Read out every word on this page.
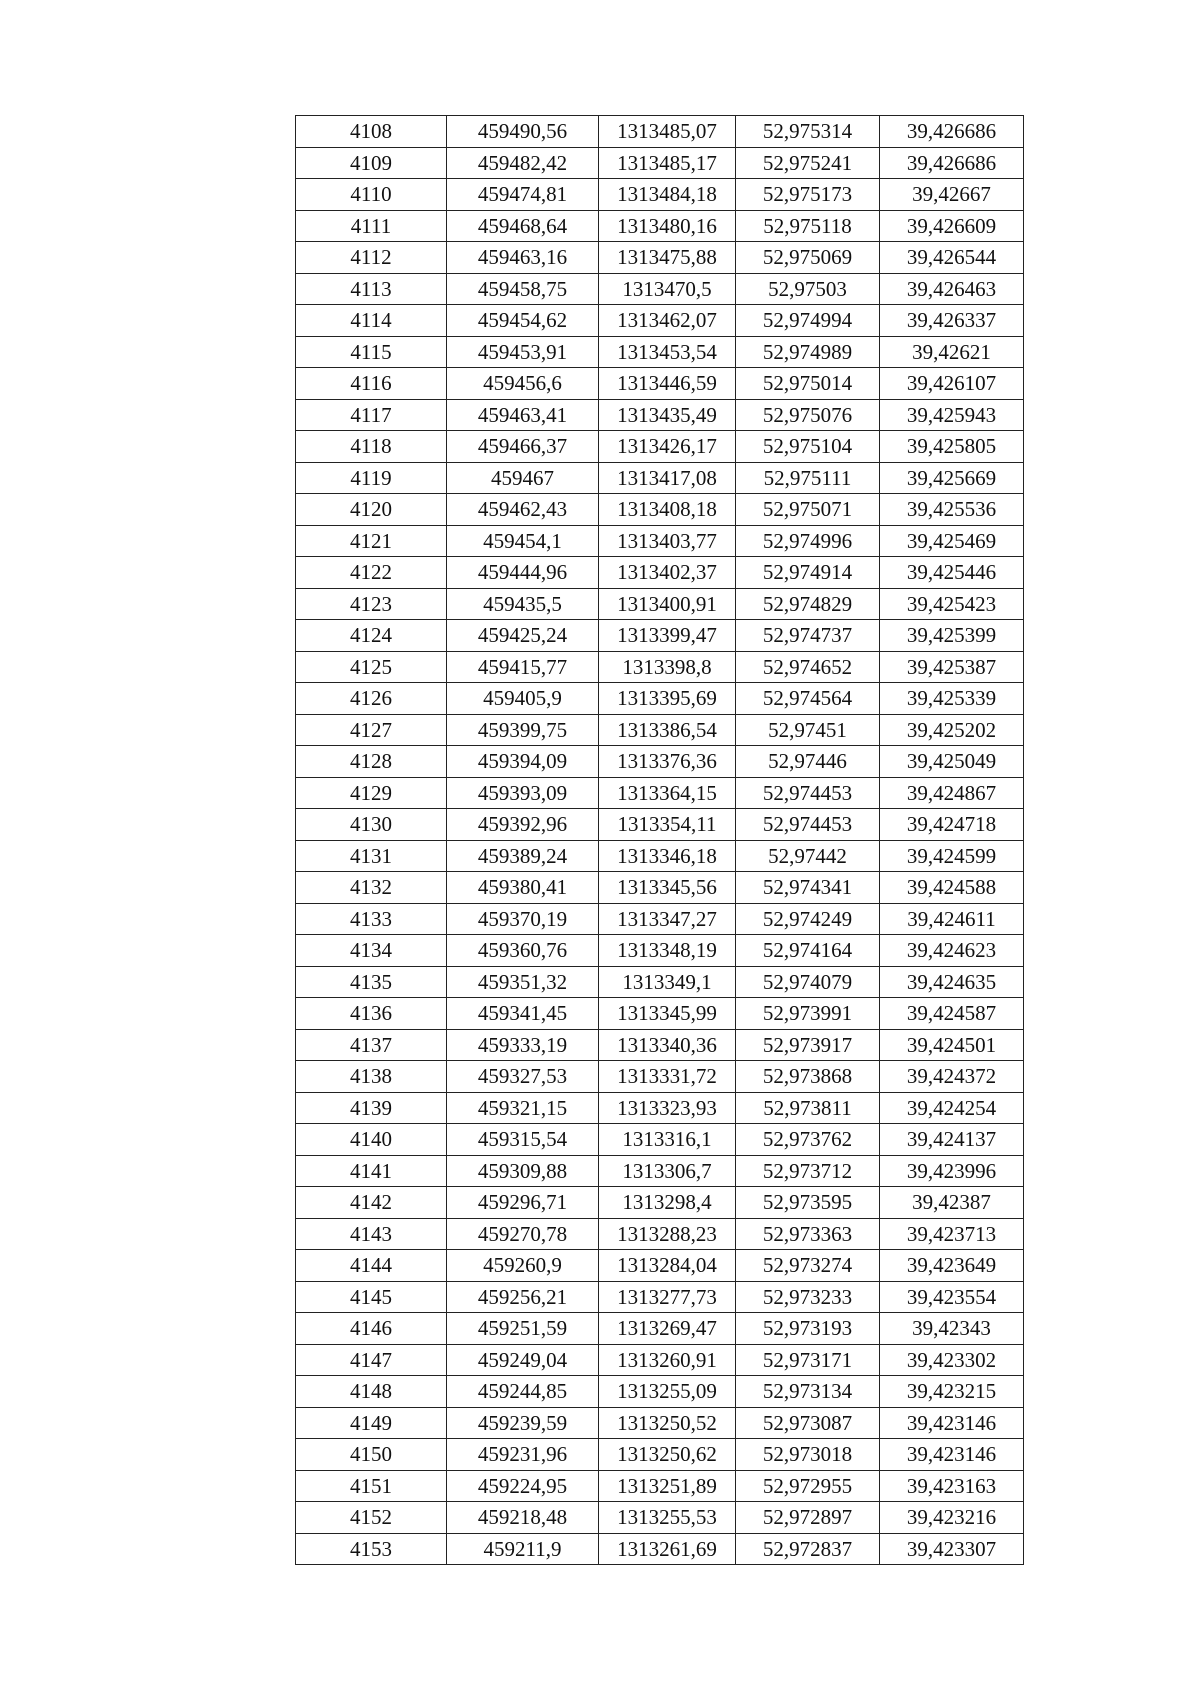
4108	459490,56	1313485,07	52,975314	39,426686
4109	459482,42	1313485,17	52,975241	39,426686
4110	459474,81	1313484,18	52,975173	39,42667
4111	459468,64	1313480,16	52,975118	39,426609
4112	459463,16	1313475,88	52,975069	39,426544
4113	459458,75	1313470,5	52,97503	39,426463
4114	459454,62	1313462,07	52,974994	39,426337
4115	459453,91	1313453,54	52,974989	39,42621
4116	459456,6	1313446,59	52,975014	39,426107
4117	459463,41	1313435,49	52,975076	39,425943
4118	459466,37	1313426,17	52,975104	39,425805
4119	459467	1313417,08	52,975111	39,425669
4120	459462,43	1313408,18	52,975071	39,425536
4121	459454,1	1313403,77	52,974996	39,425469
4122	459444,96	1313402,37	52,974914	39,425446
4123	459435,5	1313400,91	52,974829	39,425423
4124	459425,24	1313399,47	52,974737	39,425399
4125	459415,77	1313398,8	52,974652	39,425387
4126	459405,9	1313395,69	52,974564	39,425339
4127	459399,75	1313386,54	52,97451	39,425202
4128	459394,09	1313376,36	52,97446	39,425049
4129	459393,09	1313364,15	52,974453	39,424867
4130	459392,96	1313354,11	52,974453	39,424718
4131	459389,24	1313346,18	52,97442	39,424599
4132	459380,41	1313345,56	52,974341	39,424588
4133	459370,19	1313347,27	52,974249	39,424611
4134	459360,76	1313348,19	52,974164	39,424623
4135	459351,32	1313349,1	52,974079	39,424635
4136	459341,45	1313345,99	52,973991	39,424587
4137	459333,19	1313340,36	52,973917	39,424501
4138	459327,53	1313331,72	52,973868	39,424372
4139	459321,15	1313323,93	52,973811	39,424254
4140	459315,54	1313316,1	52,973762	39,424137
4141	459309,88	1313306,7	52,973712	39,423996
4142	459296,71	1313298,4	52,973595	39,42387
4143	459270,78	1313288,23	52,973363	39,423713
4144	459260,9	1313284,04	52,973274	39,423649
4145	459256,21	1313277,73	52,973233	39,423554
4146	459251,59	1313269,47	52,973193	39,42343
4147	459249,04	1313260,91	52,973171	39,423302
4148	459244,85	1313255,09	52,973134	39,423215
4149	459239,59	1313250,52	52,973087	39,423146
4150	459231,96	1313250,62	52,973018	39,423146
4151	459224,95	1313251,89	52,972955	39,423163
4152	459218,48	1313255,53	52,972897	39,423216
4153	459211,9	1313261,69	52,972837	39,423307
